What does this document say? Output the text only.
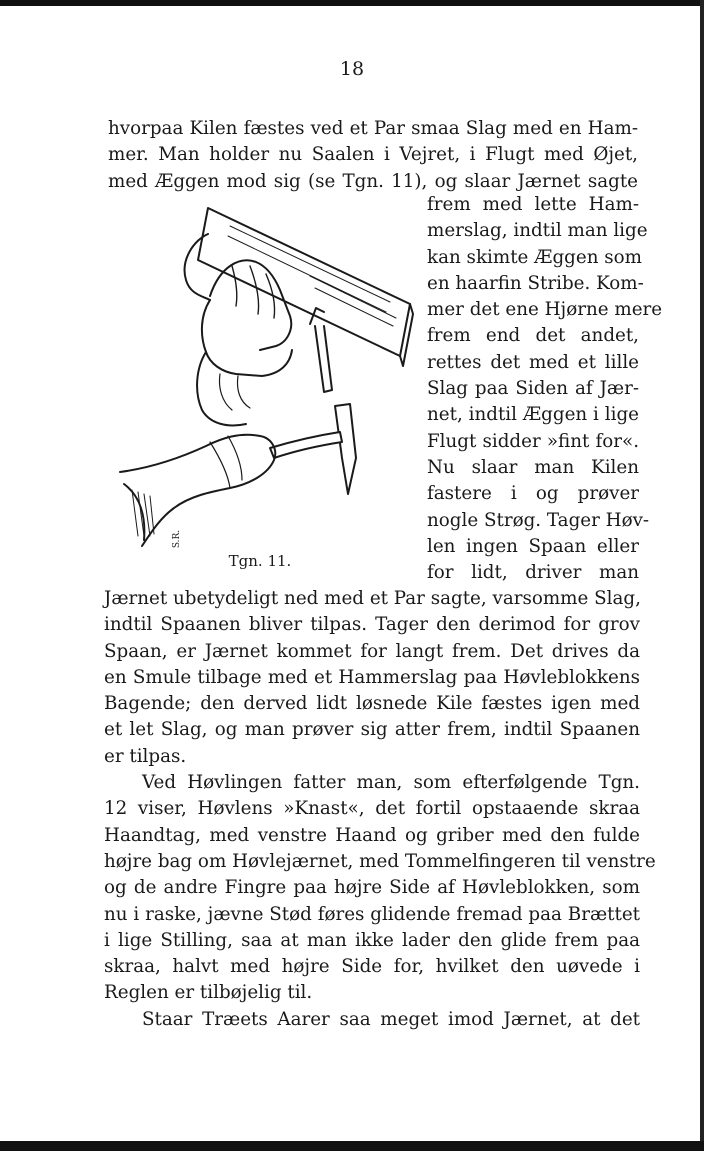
18
hvorpaa Kilen fæstes ved et Par smaa Slag med en Ham-
mer. Man holder nu Saalen i Vejret, i Flugt med Øjet,
med Æggen mod sig (se Tgn. 11), og slaar Jærnet sagte
frem med lette Ham-
merslag, indtil man lige
kan skimte Æggen som
en haarfin Stribe. Kom-
mer det ene Hjørne mere
frem end det andet,
rettes det med et lille
Slag paa Siden af Jær-
net, indtil Æggen i lige
Flugt sidder »fint for«.
Nu slaar man Kilen
fastere i og prøver
nogle Strøg. Tager Høv-
len ingen Spaan eller
for lidt, driver man
S.R.
Tgn. 11.
Jærnet ubetydeligt ned med et Par sagte, varsomme Slag,
indtil Spaanen bliver tilpas. Tager den derimod for grov
Spaan, er Jærnet kommet for langt frem. Det drives da
en Smule tilbage med et Hammerslag paa Høvleblokkens
Bagende; den derved lidt løsnede Kile fæstes igen med
et let Slag, og man prøver sig atter frem, indtil Spaanen
er tilpas.
Ved Høvlingen fatter man, som efterfølgende Tgn.
12 viser, Høvlens »Knast«, det fortil opstaaende skraa
Haandtag, med venstre Haand og griber med den fulde
højre bag om Høvlejærnet, med Tommelfingeren til venstre
og de andre Fingre paa højre Side af Høvleblokken, som
nu i raske, jævne Stød føres glidende fremad paa Brættet
i lige Stilling, saa at man ikke lader den glide frem paa
skraa, halvt med højre Side for, hvilket den uøvede i
Reglen er tilbøjelig til.
Staar Træets Aarer saa meget imod Jærnet, at det
